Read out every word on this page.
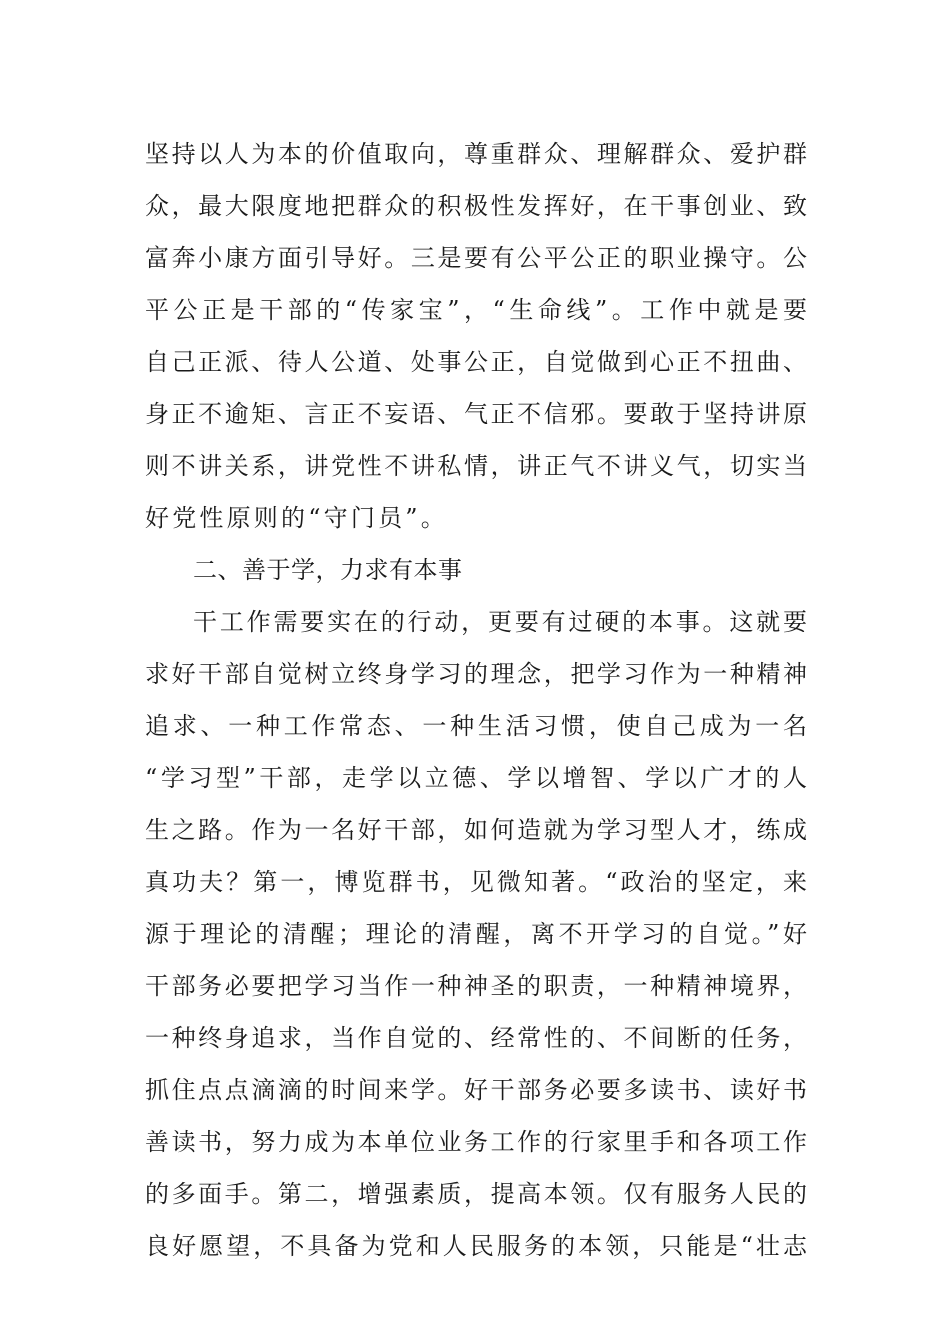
坚持以人为本的价值取向，尊重群众、理解群众、爱护群
众，最大限度地把群众的积极性发挥好，在干事创业、致
富奔小康方面引导好。三是要有公平公正的职业操守。公
平公正是干部的“传家宝”，“生命线”。工作中就是要
自己正派、待人公道、处事公正，自觉做到心正不扭曲、
身正不逾矩、言正不妄语、气正不信邪。要敢于坚持讲原
则不讲关系，讲党性不讲私情，讲正气不讲义气，切实当
好党性原则的“守门员”。
二、善于学，力求有本事
干工作需要实在的行动，更要有过硬的本事。这就要
求好干部自觉树立终身学习的理念，把学习作为一种精神
追求、一种工作常态、一种生活习惯，使自己成为一名
“学习型”干部，走学以立德、学以增智、学以广才的人
生之路。作为一名好干部，如何造就为学习型人才，练成
真功夫？第一，博览群书，见微知著。“政治的坚定，来
源于理论的清醒；理论的清醒，离不开学习的自觉。”好
干部务必要把学习当作一种神圣的职责，一种精神境界，
一种终身追求，当作自觉的、经常性的、不间断的任务，
抓住点点滴滴的时间来学。好干部务必要多读书、读好书
善读书，努力成为本单位业务工作的行家里手和各项工作
的多面手。第二，增强素质，提高本领。仅有服务人民的
良好愿望，不具备为党和人民服务的本领，只能是“壮志
